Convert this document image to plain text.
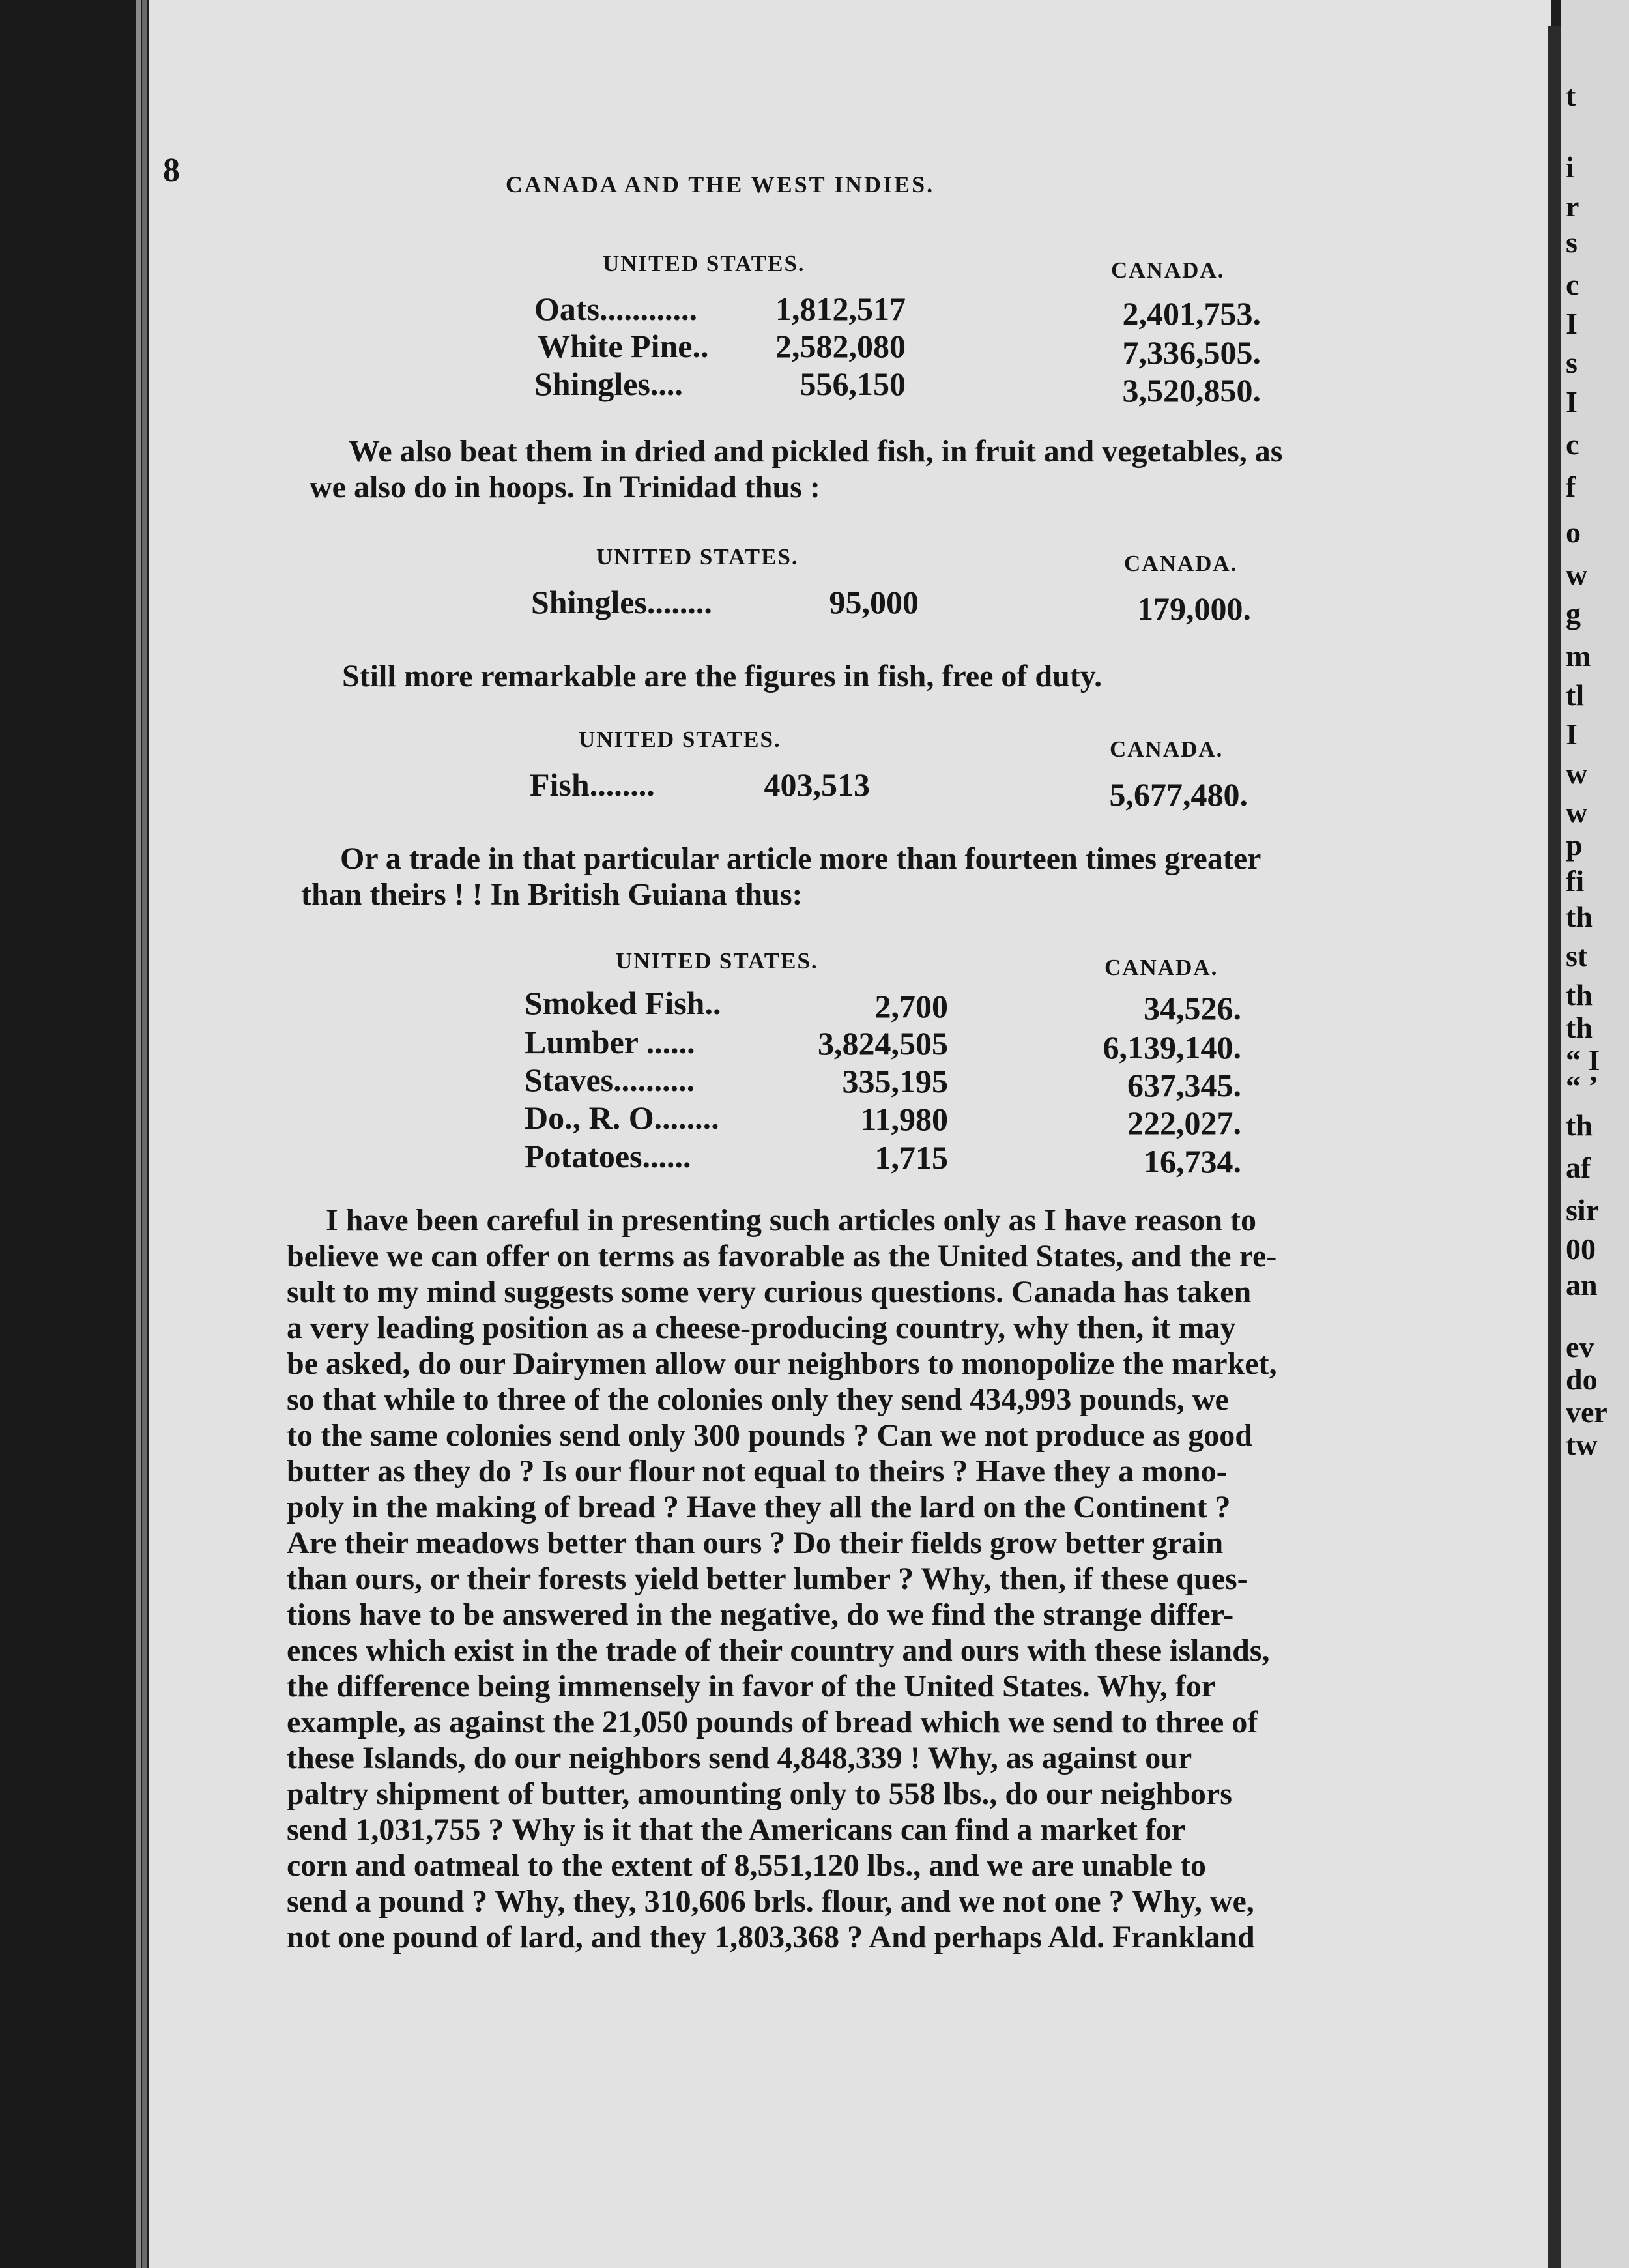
t
i
r
s
c
I
s
I
c
f
o
w
g
m
tl
I
w
w
p
fi
th
st
th
th
“ I
“ ’
th
af
sir
00
an
ev
do
ver
tw
8	CANADA AND THE WEST INDIES.
UNITED STATES.	CANADA.
Oats............	1,812,517	2,401,753.
White Pine..	2,582,080	7,336,505.
Shingles....	556,150	3,520,850.
We also beat them in dried and pickled fish, in fruit and vegetables, as
we also do in hoops. In Trinidad thus :
UNITED STATES.	CANADA.
Shingles........	95,000	179,000.
Still more remarkable are the figures in fish, free of duty.
UNITED STATES.	CANADA.
Fish........	403,513	5,677,480.
Or a trade in that particular article more than fourteen times greater
than theirs ! ! In British Guiana thus:
UNITED STATES.	CANADA.
Smoked Fish..	2,700	34,526.
Lumber ......	3,824,505	6,139,140.
Staves..........	335,195	637,345.
Do., R. O........	11,980	222,027.
Potatoes......	1,715	16,734.
I have been careful in presenting such articles only as I have reason to
believe we can offer on terms as favorable as the United States, and the re-
sult to my mind suggests some very curious questions. Canada has taken
a very leading position as a cheese-producing country, why then, it may
be asked, do our Dairymen allow our neighbors to monopolize the market,
so that while to three of the colonies only they send 434,993 pounds, we
to the same colonies send only 300 pounds ? Can we not produce as good
butter as they do ? Is our flour not equal to theirs ? Have they a mono-
poly in the making of bread ? Have they all the lard on the Continent ?
Are their meadows better than ours ? Do their fields grow better grain
than ours, or their forests yield better lumber ? Why, then, if these ques-
tions have to be answered in the negative, do we find the strange differ-
ences which exist in the trade of their country and ours with these islands,
the difference being immensely in favor of the United States. Why, for
example, as against the 21,050 pounds of bread which we send to three of
these Islands, do our neighbors send 4,848,339 ! Why, as against our
paltry shipment of butter, amounting only to 558 lbs., do our neighbors
send 1,031,755 ? Why is it that the Americans can find a market for
corn and oatmeal to the extent of 8,551,120 lbs., and we are unable to
send a pound ? Why, they, 310,606 brls. flour, and we not one ? Why, we,
not one pound of lard, and they 1,803,368 ? And perhaps Ald. Frankland
